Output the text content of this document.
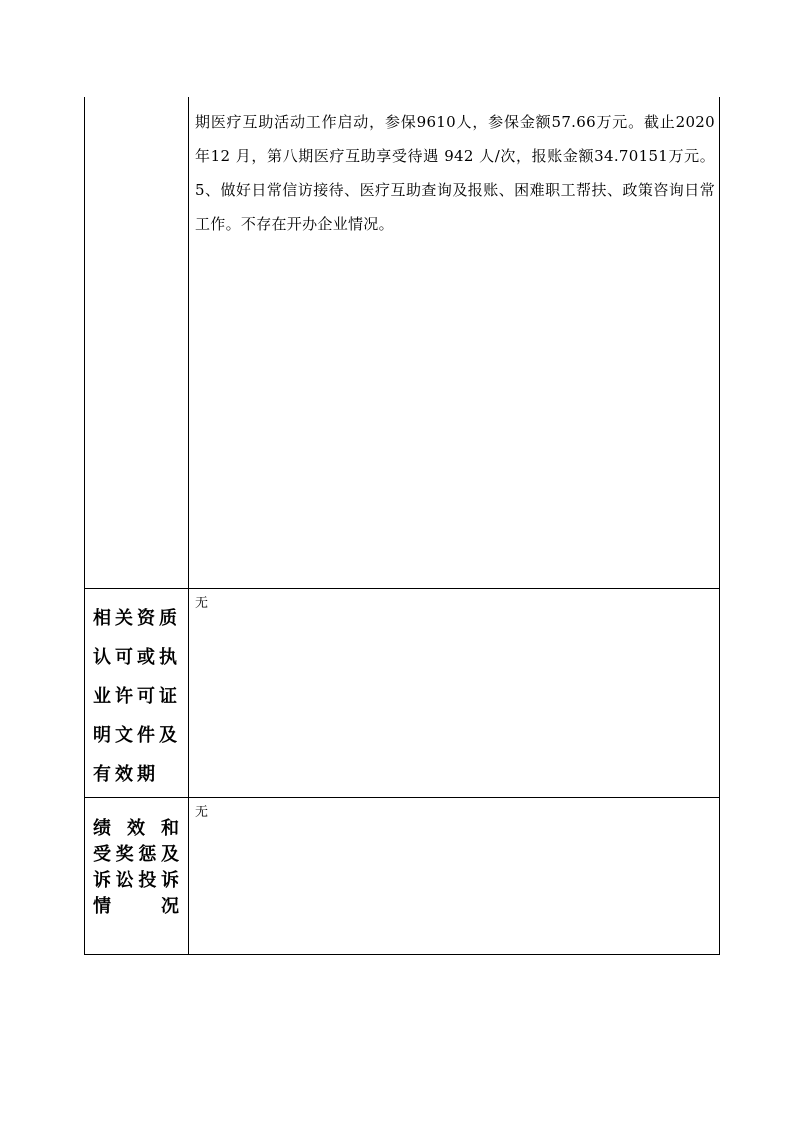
期医疗互助活动工作启动，参保9610人，参保金额57.66万元。截止2020年12 月，第八期医疗互助享受待遇 942 人/次，报账金额34.70151万元。 5、做好日常信访接待、医疗互助查询及报账、困难职工帮扶、政策咨询日常工作。不存在开办企业情况。
相关资质认可或执业许可证明文件及有效期
无
绩效和
受奖惩及
诉讼投诉
情况
无
